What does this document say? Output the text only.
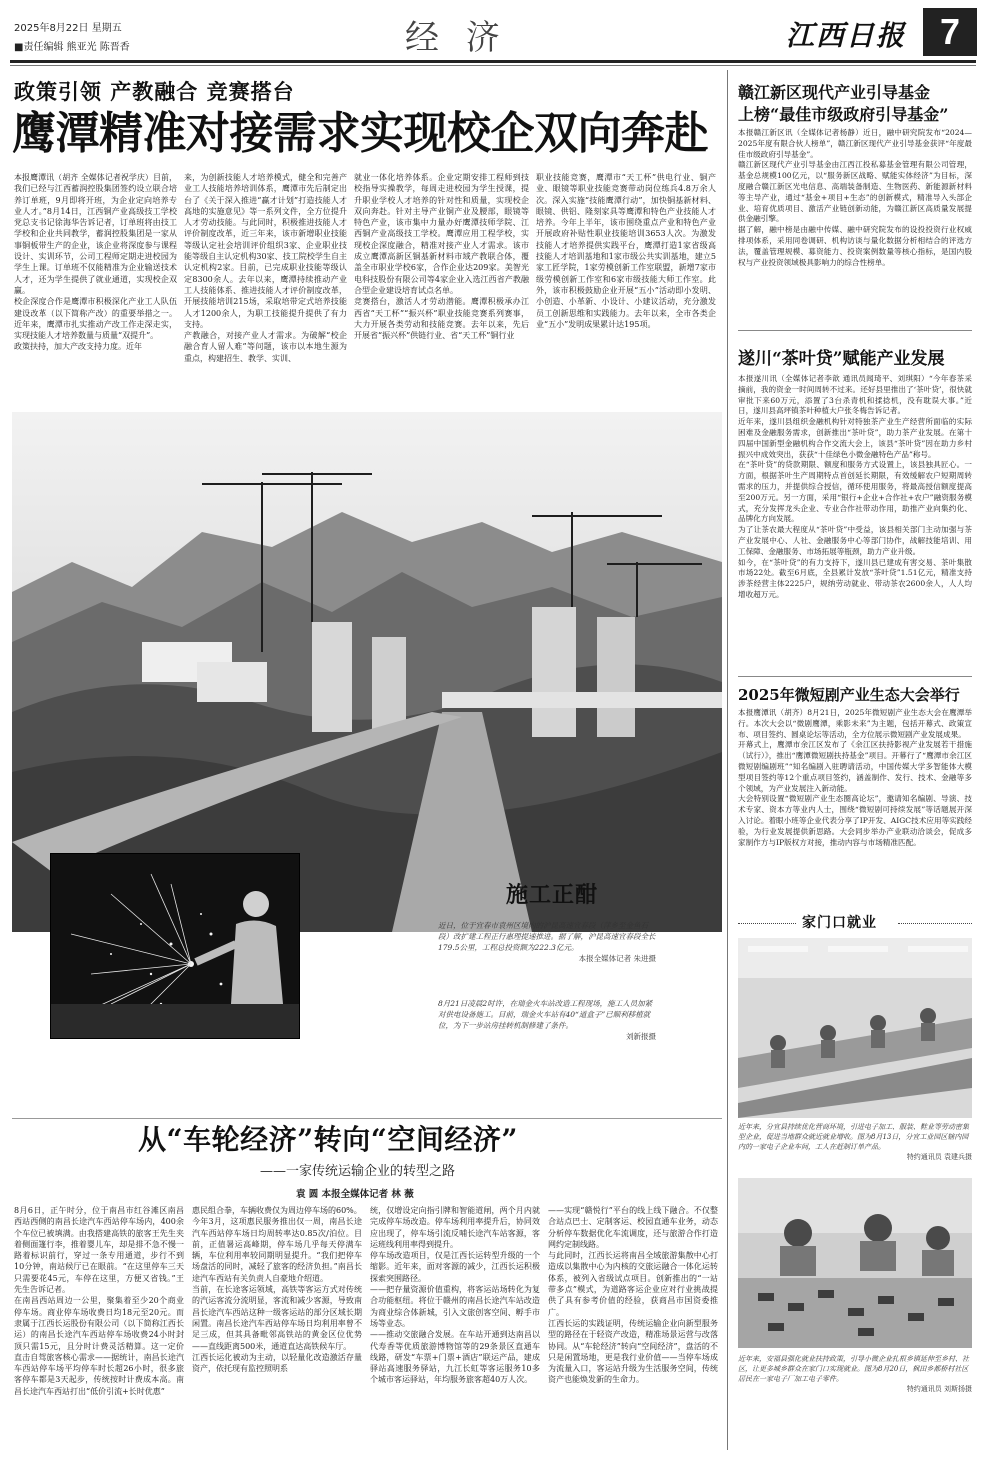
2025年8月22日 星期五
■责任编辑 熊亚光 陈晋香	经 济	江西日报 7
政策引领 产教融合 竞赛搭台
鹰潭精准对接需求实现校企双向奔赴
本报鹰潭讯（胡齐 全媒体记者祝学庆）目前，我们已经与江西蓄润控股集团签约设立联合培养订单班，9月即将开班，为企业定向培养专业人才。”8月14日，江西铜产业高级技工学校党总支书记徐海华告诉记者，订单班将由技工学校和企业共同教学，蓄润控股集团是一家从事铜板带生产的企业，该企业将深度参与课程设计、实训环节，公司工程师定期走进校园为学生上课。订单班不仅能精准为企业输送技术人才，还为学生提供了就业通道，实现校企双赢。
校企深度合作是鹰潭市积极深化产业工人队伍建设改革（以下简称产改）的重要举措之一。近年来，鹰潭市扎实推动产改工作走深走实，实现技能人才培养数量与质量“双提升”。
政策扶持，加大产改支持力度。近年
来，为创新技能人才培养模式，健全和完善产业工人技能培养培训体系，鹰潭市先后制定出台了《关于深入推进“赢才计划”打造技能人才高地的实施意见》等一系列文件，全方位提升人才劳动技能。与此同时，积极推进技能人才评价制度改革，近三年来，该市新增职业技能等级认定社会培训评价组织3家、企业职业技能等级自主认定机构30家、技工院校学生自主认定机构2家。目前，已完成职业技能等级认定8300余人。去年以来，鹰潭持续推动产业工人技能体系、推进技能人才评价制度改革，开展技能培训215场，采取培带定式培养技能人才1200余人，为职工技能提升提供了有力支持。
产教融合，对接产业人才需求。为破解“校企融合育人留人难”等问题，该市以本地生源为重点，构建招生、教学、实训、
就业一体化培养体系。企业定期安排工程师到技校指导实操教学，每周走进校园为学生授课，提升职业学校人才培养的针对性和质量，实现校企双向奔赴。针对主导产业铜产业及腰部，眼镜等特色产业，该市集中力量办好鹰潭技师学院、江西铜产业高级技工学校。鹰潭应用工程学校，实现校企深度融合，精准对接产业人才需求。该市成立鹰潭高新区铜基新材料市域产教联合体，覆盖全市职业学校6家，合作企业达209家。美智光电科技股份有限公司等4家企业入选江西省产教融合型企业建设培育试点名单。
竞赛搭台，激活人才劳动潜能。鹰潭积极承办江西省“天工杯”“振兴杯”职业技能竞赛系列赛事，大力开展各类劳动和技能竞赛。去年以来，先后开展省“振兴杯”供链行业、省“天工杯”铜行业
职业技能竞赛，鹰潭市“天工杯”供电行业、铜产业、眼镜等职业技能竞赛带动岗位练兵4.8万余人次。深入实施“技能鹰潭行动”，加快铜基新材料、眼镜、供铝、隆刻家具等鹰潭和特色产业技能人才培养。今年上半年，该市围绕重点产业和特色产业开展政府补贴性职业技能培训3653人次。为激发技能人才培养提供实践平台，鹰潭打造1家省级高技能人才培训基地和1家市级公共实训基地，建立5家工匠学院，1家劳模创新工作室联盟，新增7家市级劳模创新工作室和6家市级技能大师工作室。此外，该市积极鼓励企业开展“五小”活动即小发明、小创造、小革新、小设计、小建议活动，充分激发员工创新思维和实践能力。去年以来，全市各类企业“五小”发明成果累计达195项。
施工正酣
近日，位于宜春市袁州区境内的沪昆高速宜春段（萍乡至金鱼石段）改扩建工程正行惠理提速推进。据了解，沪昆高速宜春段全长179.5公里，工程总投资额为222.3亿元。
本报全媒体记者 朱进摄
8月21日凌晨2时许，在瑞金火车站改造工程现场，施工人员加紧对供电设备施工。目前，瑞金火车站有40“道盒子”已顺利移植就位，为下一步站房挂转机制修建了条件。
刘新报摄
从“车轮经济”转向“空间经济”
——一家传统运输企业的转型之路
袁 圆 本报全媒体记者 林 薇
8月6日，正午时分，位于南昌市红谷滩区南昌西站西侧的南昌长途汽车西站停车场内，400余个车位已被填满。由我搭建高铁的旅客王先生夹着侧面篷行李，推着婴儿车，却是排不急不慢一路着标识前行，穿过一条专用通道，步行不到10分钟，南站候厅已在眼前。“在这里停车三天只需要花45元，车停在这里，方便又省钱。”王先生告诉记者。
在南昌西站周边一公里，聚集着至少20个商业停车场。商业停车场收费日均18元至20元。而隶属于江西长运股份有限公司（以下简称江西长运）的南昌长途汽车西站停车场收费24小时封顶只需15元，且分时计费灵活精算。这一定价直击自驾旅客核心需求——据统计，南昌长途汽车西站停车场平均停车时长超26小时，很多旅客停车都是3天起步，传统按时计费成本高。南昌长途汽车西站打出“低价引流+长时优惠”
惠民组合拳，车辆收费仅为周边停车场的60%。
今年3月，这项惠民服务推出仅一周，南昌长途汽车西站停车场日均周转率达0.85次/泊位。目前，正值暑运高峰期，停车场几乎每天停满车辆，车位利用率较同期明显提升。“我们把停车场盘活的同时，减轻了旅客的经济负担。”南昌长途汽车西站有关负责人自豪地介绍道。
当前，在长途客运领域，高铁等客运方式对传统的汽运客流分流明显，客流和减少客源，导致南昌长途汽车西站这种一级客运站的部分区域长期闲置。南昌长途汽车西站停车场日均利用率曾不足三成，但其具备毗邻高铁站的黄金区位优势——直线距离500米，通道直达高铁候车厅。
江西长运化被动为主动，以轻量化改造激活存量资产，依托现有监控照明系
统，仅增设定向指引牌和智能道闸，两个月内就完成停车场改造。停车场利用率提升后，协同效应出现了，停车场引流反哺长途汽车站客源，客运班线利用率得到提升。
停车场改造项目，仅是江西长运转型升级的一个缩影。近年来，面对客源的减少，江西长运积极探索突围路径。
——把存量资源价值重构，将客运站场转化为复合功能枢纽。将位于赣州的南昌长途汽车站改造为商业综合体新城，引入文旅创客空间、孵手市场等业态。
——推动交旅融合发展。在车站开通到达南昌以代寿香等优质旅游博物馆等的29条景区直通车线路，研发“车票+门票+酒店”联运产品，建成驿站高速服务驿站，九江长虹等客运服务10多个城市客运驿站，年均服务旅客超40万人次。
——实现“赣悦行”平台的线上线下融合。不仅整合站点巴士、定制客运、校园直通车业务，动态分析停车数据优化车流调度，还与旅游合作打造网约定制线路。
与此同时，江西长运将南昌全域旅游集散中心打造成以集散中心为内核的交旅运融合一体化运转体系，被列入省级试点项目。创新推出的“一站带多点”模式，为道路客运企业应对行业挑战提供了具有参考价值的经验，获商昌市国资委推广。
江西长运的实践证明，传统运输企业向新型服务型的路径在于轻资产改造，精准场景运营与改落协同。从“车轮经济”转向“空间经济”，盘活的不只是闲置场地，更是我行业价值——当停车场成为流量入口，客运站升级为生活服务空间，传统资产也能焕发新的生命力。
赣江新区现代产业引导基金
上榜“最佳市级政府引导基金”
本报赣江新区讯（全媒体记者杨静）近日，融中研究院发布“2024—2025年度有限合伙人榜单”，赣江新区现代产业引导基金获评“年度最佳市级政府引导基金”。
赣江新区现代产业引导基金由江西江投私募基金管理有限公司管理，基金总规模100亿元，以“服务新区战略、赋能实体经济”为目标，深度融合赣江新区光电信息、高端装备制造、生物医药、新能源新材料等主导产业，通过“基金+项目+生态”的创新模式，精准导入头部企业、培育优质项目、激活产业链创新动能，为赣江新区高质量发展提供金融引擎。
据了解，融中榜是由融中传媒、融中研究院发布的设投投资行业权威排项体系，采用同卷调研、机构访谈与量化数据分析相结合的评选方法，覆盖管理规模、募资能力、投资案例数量等核心指标，是国内股权与产业投资领域极具影响力的综合性榜单。
遂川“茶叶贷”赋能产业发展
本报遂川讯（全媒体记者李歆 通讯员闻琦平、刘琪阳）“今年春茶采摘前，我的资金一时间周转不过来。还好县里推出了‘茶叶贷’，很快就审批下来60万元，添置了3台杀青机和揉捻机，没有耽误大事。”近日，遂川县高坪镇茶叶种植大户张冬梅告诉记者。
近年来，遂川县组织金融机构针对特独茶产业生产经营所面临的实际困难及金融服务需求，创新推出“茶叶贷”，助力茶产业发展。在第十四届中国新型金融机构合作交流大会上，该县“茶叶贷”因在助力乡村振兴中成效突出，获获“十佳绿色小微金融特色产品”称号。
在“茶叶贷”的贷款期限、额度和服务方式设置上，该县独具匠心。一方面，根据茶叶生产周期特点首创延长期限，有效缓解农户短期周转需求的压力，并提供综合授信，循环使用服务，将最高授信额度提高至200万元。另一方面，采用“银行+企业+合作社+农户”融资服务模式，充分发挥龙头企业、专业合作社带动作用，助推产业向集约化、品牌化方向发展。
为了让茶农最大程度从“茶叶贷”中受益，该县相关部门主动加强与茶产业发展中心、人社、金融服务中心等部门协作，战解技能培训、用工保障、金融服务、市场拓展等瓶颈，助力产业升级。
如今，在“茶叶贷”的有力支持下，遂川县已建成有害交易、茶叶集散市场22处。截至6月底，全县累计发放“茶叶贷”1.51亿元，精准支持涉茶经营主体2225户，规纳劳动就业、带动茶农2600余人，人人均增收超万元。
2025年微短剧产业生态大会举行
本报鹰潭讯（胡齐）8月21日，2025年微短剧产业生态大会在鹰潭举行。本次大会以“微剧鹰潭，乘影未来”为主题，包括开幕式、政策宣布、项目签约、圆桌论坛等活动，全方位展示微短剧产业发展成果。
开幕式上，鹰潭市余江区发布了《余江区扶持影视产业发展若干措施（试行）》，推出“鹰潭微短剧扶持基金”项目。开幕行了“鹰潭市余江区微短剧编剧班”“知名编剧入驻聘请活动，中国传媒大学多智能体大模型项目签约等12个重点项目签约，涵盖制作、发行、技术、金融等多个领域，为产业发展注入新动能。
大会特别设置“微短剧产业生态圈高论坛”，邀请知名编剧、导演、技术专家、资本方等业内人士，围绕“微短剧可持续发展”等话题展开深入讨论。着眼小班等企业代表分享了IP开发、AIGC技术应用等实践经验，为行业发展提供新思路。大会同步举办产业联动洽谈会，促成多家制作方与IP版权方对接，推动内容与市场精准匹配。
家门口就业
近年来，分宜县持续优化营商环境，引进电子加工、服装、鞋业等劳动密集型企业，促进当地群众就近就业增收。图为8月13日，分宜工业园区辖内园内的一家电子企业车间，工人在赶制订单产品。
特约通讯员 袁建兵摄
近年来，安福县强化就业扶持政策，引导小微企业扎根乡镇延伸至乡村、社区，让更多城乡群众在家门口实现就业。图为8月20日，枫田乡都桥村社区居民在一家电子厂加工电子零件。
特约通讯员 刘斯扬摄
